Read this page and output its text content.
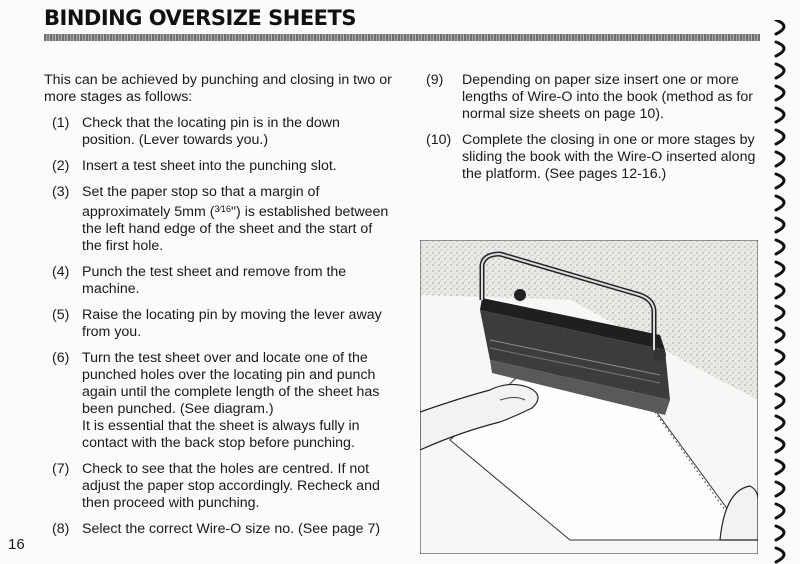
BINDING OVERSIZE SHEETS

This can be achieved by punching and closing in two or more stages as follows:

(1) Check that the locating pin is in the down position. (Lever towards you.)
(2) Insert a test sheet into the punching slot.
(3) Set the paper stop so that a margin of approximately 5mm ($^{3⁄16}$") is established between the left hand edge of the sheet and the start of the first hole.
(4) Punch the test sheet and remove from the machine.
(5) Raise the locating pin by moving the lever away from you.
(6) Turn the test sheet over and locate one of the punched holes over the locating pin and punch again until the complete length of the sheet has been punched. (See diagram.)
It is essential that the sheet is always fully in contact with the back stop before punching.
(7) Check to see that the holes are centred. If not adjust the paper stop accordingly. Recheck and then proceed with punching.
(8) Select the correct Wire-O size no. (See page 7)
(9)	Depending on paper size insert one or more lengths of Wire-O into the book (method as for normal size sheets on page 10).
(10) Complete the closing in one or more stages by sliding the book with the Wire-O inserted along the platform. (See pages 12-16.)
16
